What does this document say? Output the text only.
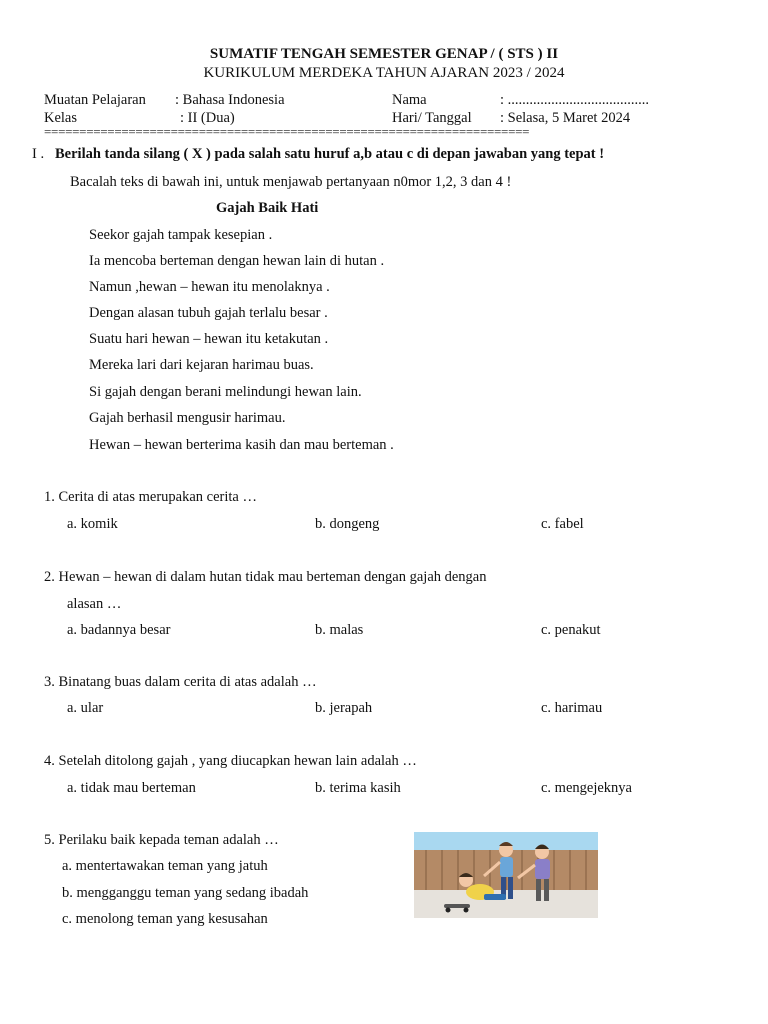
SUMATIF TENGAH SEMESTER GENAP / ( STS ) II
KURIKULUM MERDEKA TAHUN AJARAN 2023 / 2024
Muatan Pelajaran : Bahasa Indonesia
Kelas	: II (Dua)
Nama	: .......................................
Hari/ Tanggal : Selasa, 5 Maret 2024
=====================================================================
I . Berilah tanda silang ( X ) pada salah satu huruf a,b atau c di depan jawaban yang tepat !
Bacalah teks di bawah ini, untuk menjawab pertanyaan n0mor 1,2, 3 dan 4 !
Gajah Baik Hati
Seekor gajah tampak kesepian .
Ia mencoba berteman dengan hewan lain di hutan .
Namun ,hewan – hewan itu menolaknya .
Dengan alasan tubuh gajah terlalu besar .
Suatu hari hewan – hewan itu ketakutan .
Mereka lari dari kejaran harimau buas.
Si gajah dengan berani melindungi hewan lain.
Gajah berhasil mengusir harimau.
Hewan – hewan berterima kasih dan mau berteman .
1. Cerita di atas merupakan cerita …
a. komik	b. dongeng	c. fabel
2. Hewan – hewan di dalam hutan tidak mau berteman dengan gajah dengan
alasan …
a. badannya besar	b. malas	c. penakut
3. Binatang buas dalam cerita di atas adalah …
a. ular	b. jerapah	c. harimau
4. Setelah ditolong gajah , yang diucapkan hewan lain adalah …
a. tidak mau berteman	b. terima kasih	c. mengejeknya
5. Perilaku baik kepada teman adalah …
a. mentertawakan teman yang jatuh
b. mengganggu teman yang sedang ibadah
c. menolong teman yang kesusahan
